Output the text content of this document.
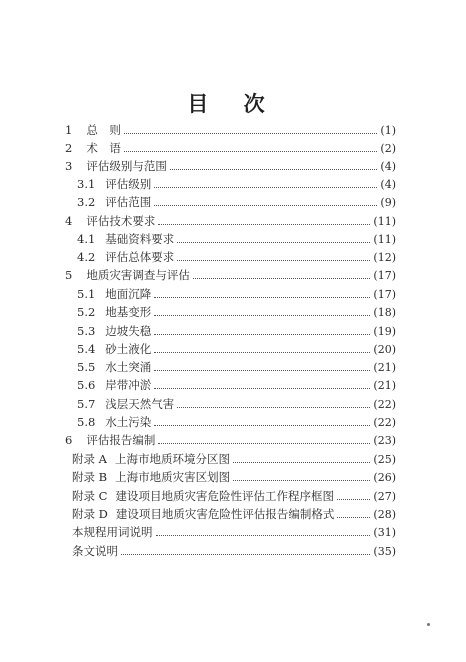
目 次
1 总　则	(1)
2 术　语	(2)
3 评估级别与范围	(4)
3.1 评估级别	(4)
3.2 评估范围	(9)
4 评估技术要求	(11)
4.1 基础资料要求	(11)
4.2 评估总体要求	(12)
5 地质灾害调查与评估	(17)
5.1 地面沉降	(17)
5.2 地基变形	(18)
5.3 边坡失稳	(19)
5.4 砂土液化	(20)
5.5 水土突涌	(21)
5.6 岸带冲淤	(21)
5.7 浅层天然气害	(22)
5.8 水土污染	(22)
6 评估报告编制	(23)
附录 A 上海市地质环境分区图	(25)
附录 B 上海市地质灾害区划图	(26)
附录 C 建设项目地质灾害危险性评估工作程序框图	(27)
附录 D 建设项目地质灾害危险性评估报告编制格式	(28)
本规程用词说明	(31)
条文说明	(35)
